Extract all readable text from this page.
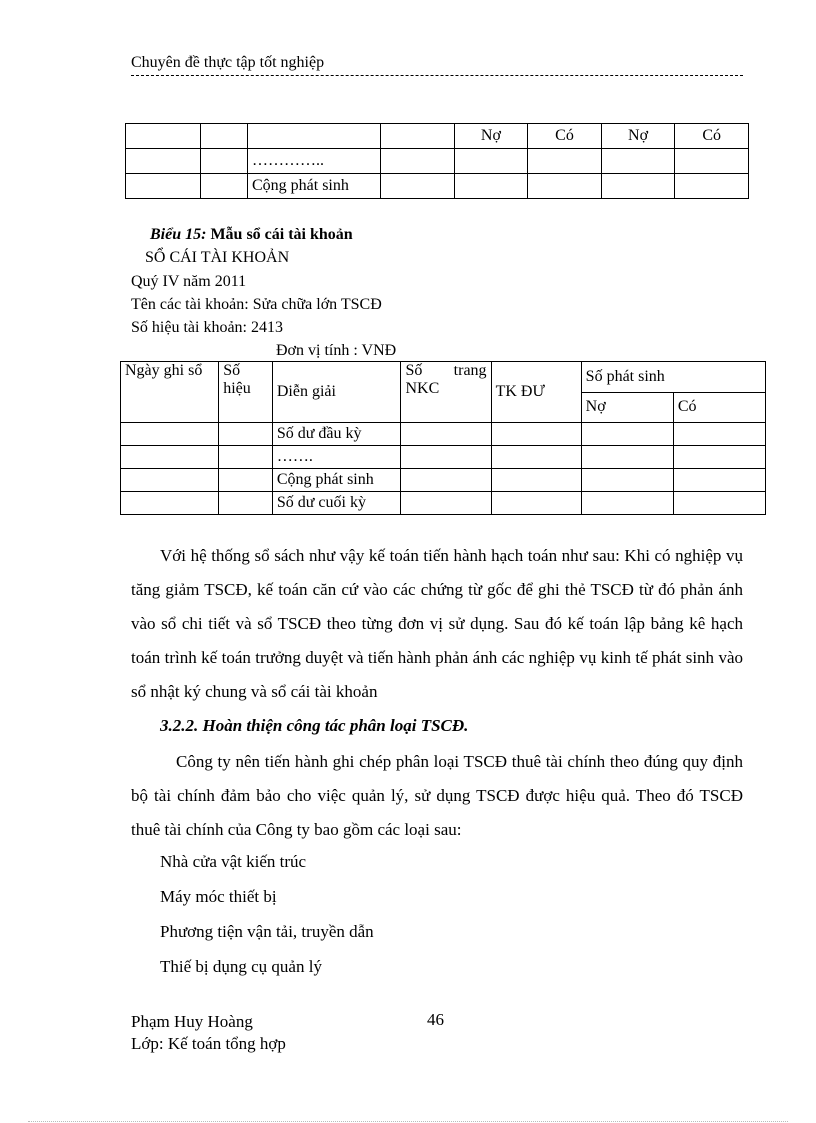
Chuyên đề thực tập tốt nghiệp
				Nợ	Có	Nợ	Có
		…………..					
		Cộng phát sinh					
Biểu 15: Mẫu sổ cái tài khoản
SỔ CÁI TÀI KHOẢN
Quý IV năm 2011
Tên các tài khoản: Sửa chữa lớn TSCĐ
Số hiệu tài khoản: 2413
Đơn vị tính : VNĐ
Ngày ghi sổ	Số hiệu	Diễn giải	Số trang NKC	TK ĐƯ	Số phát sinh	
					Nợ	Có
		Số dư đầu kỳ				
		…….				
		Cộng phát sinh				
		Số dư cuối kỳ				
Với hệ thống sổ sách như vậy kế toán tiến hành hạch toán như sau: Khi có nghiệp vụ tăng giảm TSCĐ, kế toán căn cứ vào các chứng từ gốc để ghi thẻ TSCĐ từ đó phản ánh vào sổ chi tiết và sổ TSCĐ theo từng đơn vị sử dụng. Sau đó kế toán lập bảng kê hạch toán trình kế toán trưởng duyệt và tiến hành phản ánh các nghiệp vụ kinh tế phát sinh vào sổ nhật ký chung và sổ cái tài khoản
3.2.2. Hoàn thiện công tác phân loại TSCĐ.
Công ty nên tiến hành ghi chép phân loại TSCĐ thuê tài chính theo đúng quy định bộ tài chính đảm bảo cho việc quản lý, sử dụng TSCĐ được hiệu quả. Theo đó TSCĐ thuê tài chính của Công ty bao gồm các loại sau:
Nhà cửa vật kiến trúc
Máy móc thiết bị
Phương tiện vận tải, truyền dẫn
Thiế bị dụng cụ quản lý
Phạm Huy Hoàng
Lớp: Kế toán tổng hợp
46
